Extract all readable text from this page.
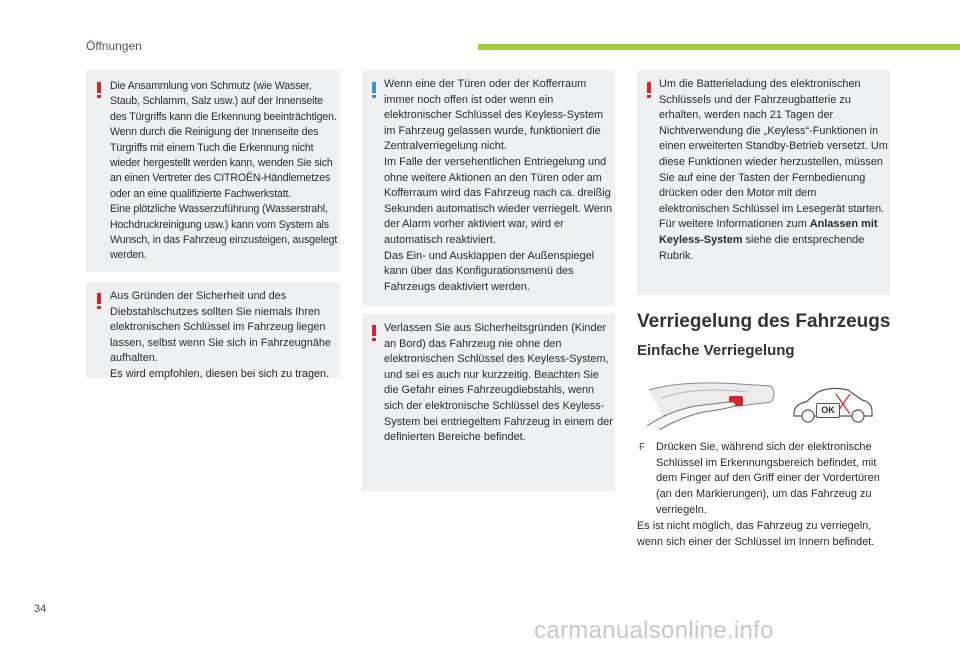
Öffnungen

Die Ansammlung von Schmutz (wie Wasser, Staub, Schlamm, Salz usw.) auf der Innenseite des Türgriffs kann die Erkennung beeinträchtigen. Wenn durch die Reinigung der Innenseite des Türgriffs mit einem Tuch die Erkennung nicht wieder hergestellt werden kann, wenden Sie sich an einen Vertreter des CITROËN-Händlernetzes oder an eine qualifizierte Fachwerkstatt.

Eine plötzliche Wasserzuführung (Wasserstrahl, Hochdruckreinigung usw.) kann vom System als Wunsch, in das Fahrzeug einzusteigen, ausgelegt werden.

Aus Gründen der Sicherheit und des Diebstahlschutzes sollten Sie niemals Ihren elektronischen Schlüssel im Fahrzeug liegen lassen, selbst wenn Sie sich in Fahrzeugnähe aufhalten.

Es wird empfohlen, diesen bei sich zu tragen.

Wenn eine der Türen oder der Kofferraum immer noch offen ist oder wenn ein elektronischer Schlüssel des Keyless-System im Fahrzeug gelassen wurde, funktioniert die Zentralverriegelung nicht.

Im Falle der versehentlichen Entriegelung und ohne weitere Aktionen an den Türen oder am Kofferraum wird das Fahrzeug nach ca. dreißig Sekunden automatisch wieder verriegelt. Wenn der Alarm vorher aktiviert war, wird er automatisch reaktiviert.

Das Ein- und Ausklappen der Außenspiegel kann über das Konfigurationsmenü des Fahrzeugs deaktiviert werden.

Verlassen Sie aus Sicherheitsgründen (Kinder an Bord) das Fahrzeug nie ohne den elektronischen Schlüssel des Keyless-System, und sei es auch nur kurzzeitig. Beachten Sie die Gefahr eines Fahrzeugdiebstahls, wenn sich der elektronische Schlüssel des Keyless-System bei entriegeltem Fahrzeug in einem der definierten Bereiche befindet.

Um die Batterieladung des elektronischen Schlüssels und der Fahrzeugbatterie zu erhalten, werden nach 21 Tagen der Nichtverwendung die „Keyless“-Funktionen in einen erweiterten Standby-Betrieb versetzt. Um diese Funktionen wieder herzustellen, müssen Sie auf eine der Tasten der Fernbedienung drücken oder den Motor mit dem elektronischen Schlüssel im Lesegerät starten.

Für weitere Informationen zum Anlassen mit Keyless-System siehe die entsprechende Rubrik.

Verriegelung des Fahrzeugs
Einfache Verriegelung
OK
F Drücken Sie, während sich der elektronische Schlüssel im Erkennungsbereich befindet, mit dem Finger auf den Griff einer der Vordertüren (an den Markierungen), um das Fahrzeug zu verriegeln.
Es ist nicht möglich, das Fahrzeug zu verriegeln, wenn sich einer der Schlüssel im Innern befindet.
34
carmanualsonline.info
